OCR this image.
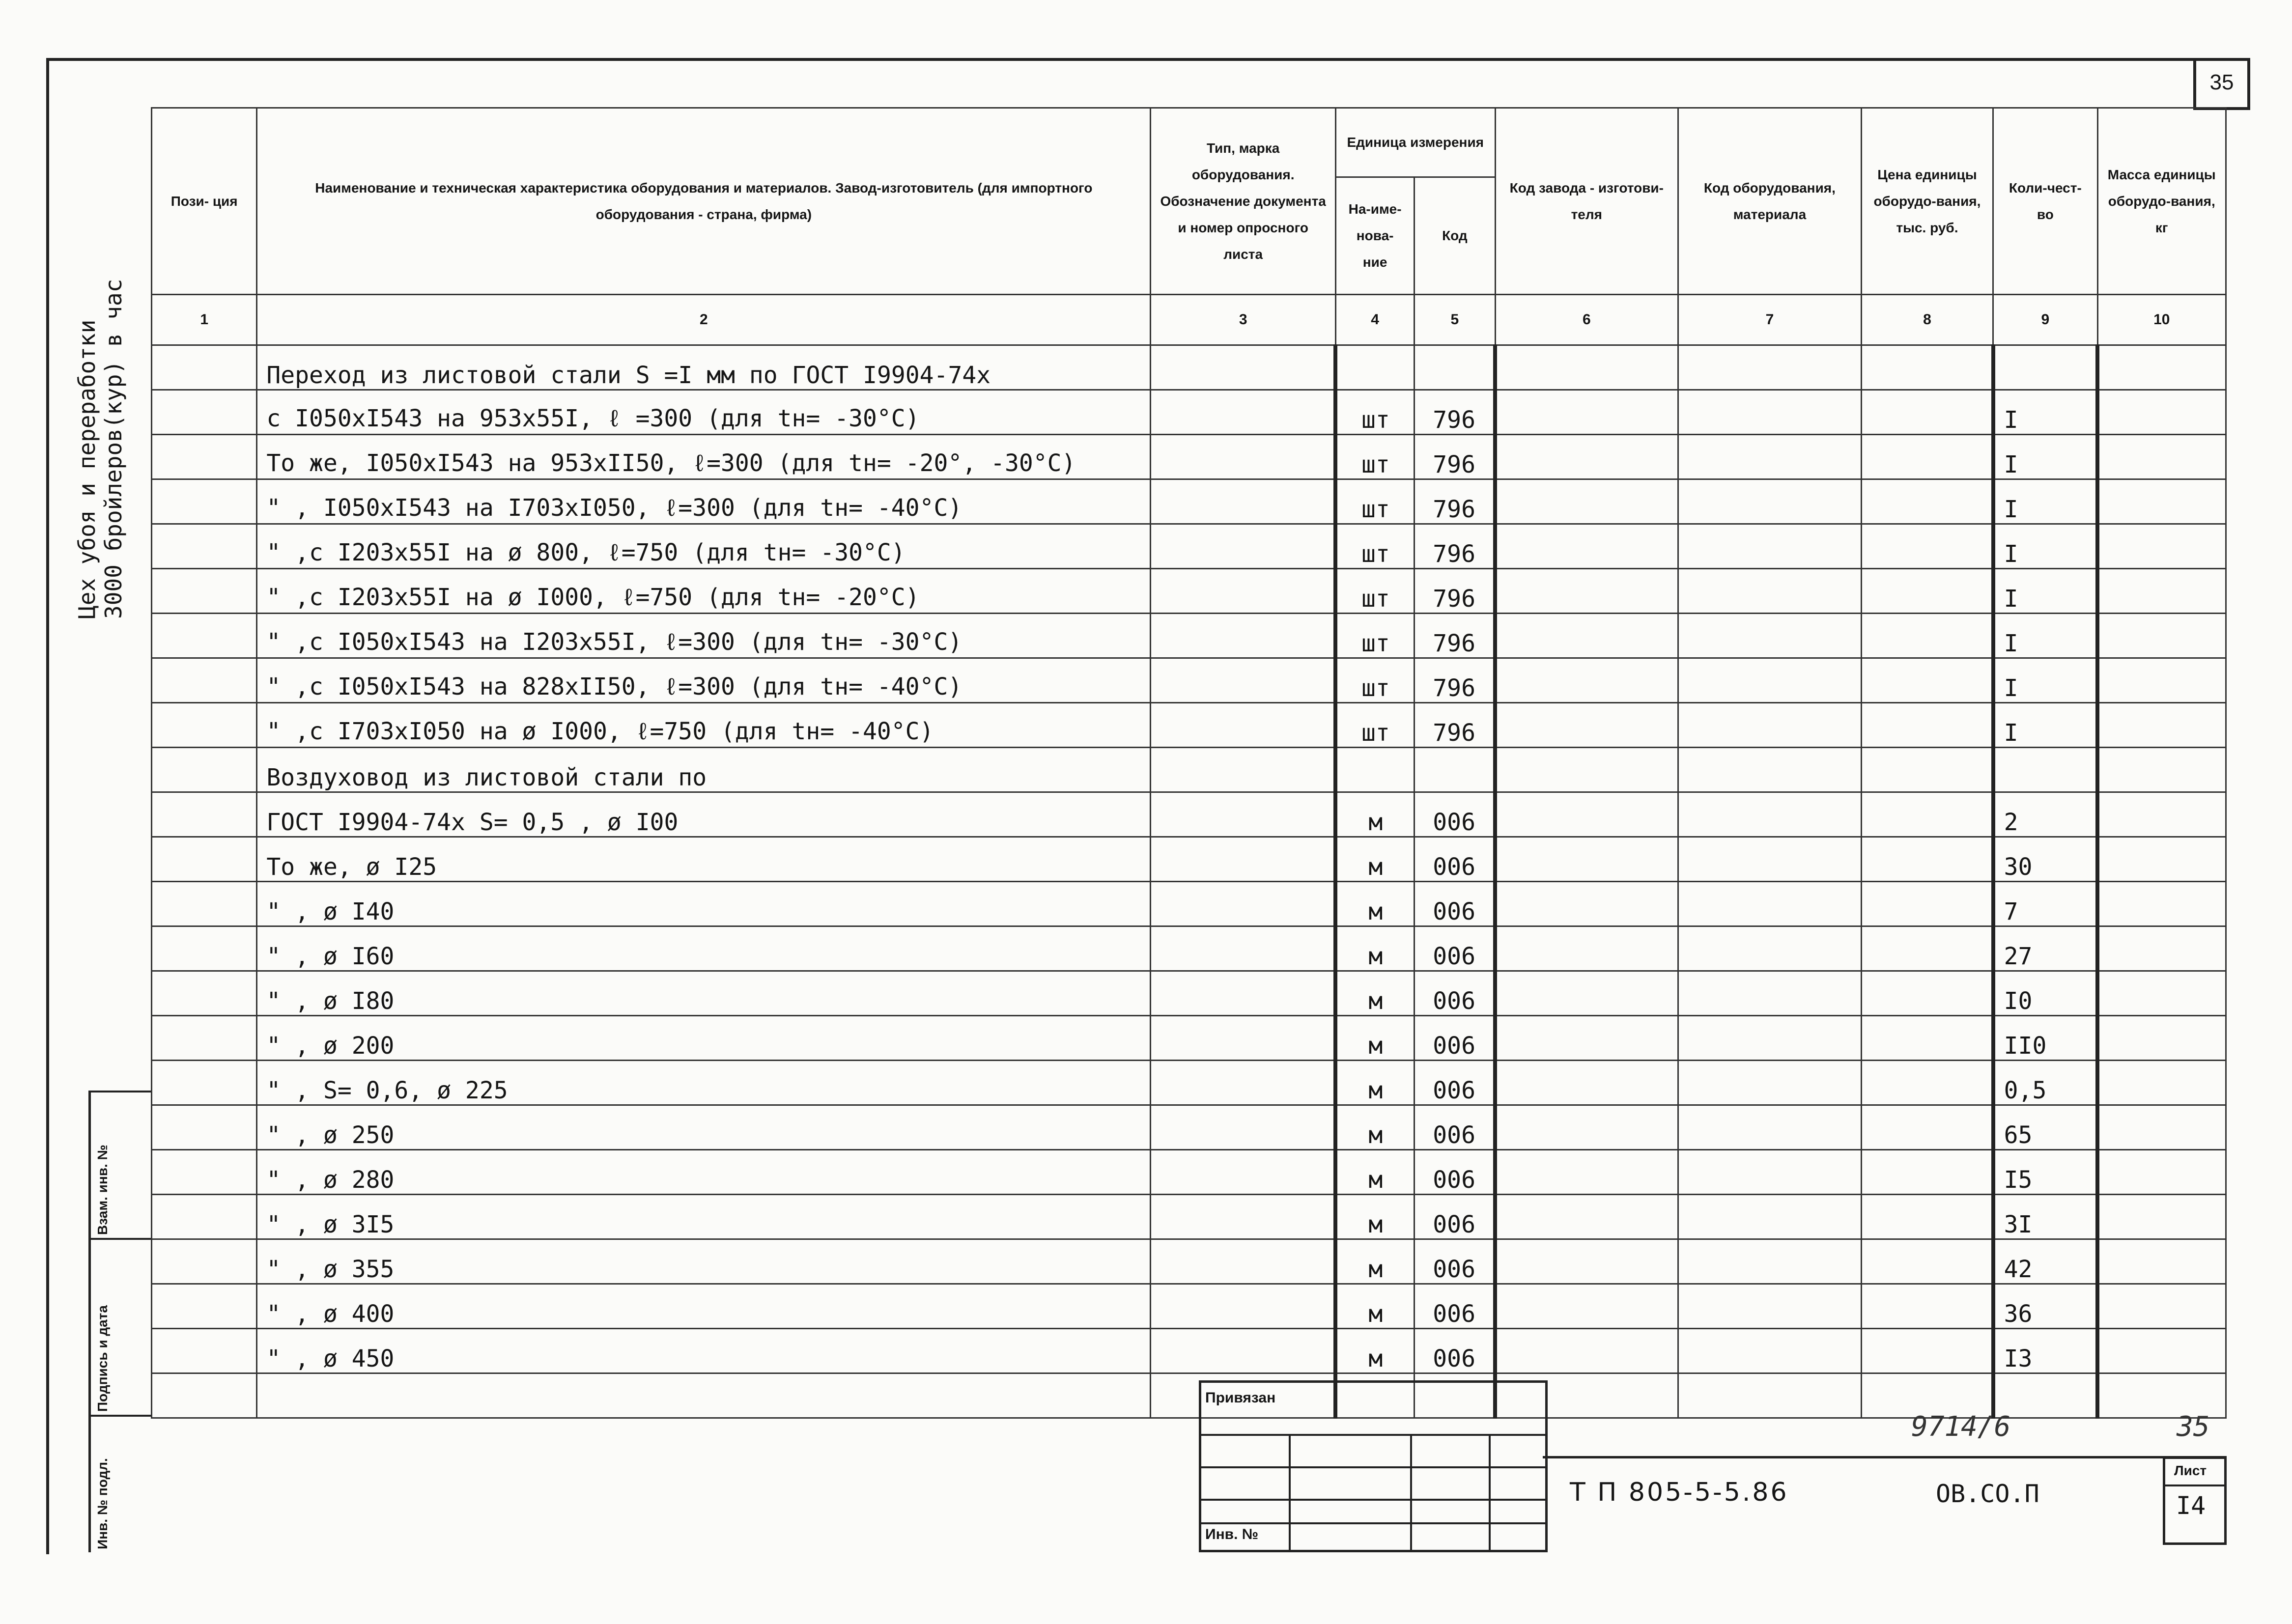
35
Цех убоя и переработки 3000 бройлеров(кур) в час
Взам. инв. №
Подпись и дата
Инв. № подл.
Пози- ция	Наименование и техническая характеристика оборудования и материалов. Завод-изготовитель (для импортного оборудования - страна, фирма)	Тип, марка оборудования. Обозначение документа и номер опросного листа	Единица измерения		Код завода - изготови-теля	Код оборудования, материала	Цена единицы оборудо-вания, тыс. руб.	Коли-чест-во	Масса единицы оборудо-вания, кг
			На-име-нова-ние	Код					
1	2	3	4	5	6	7	8	9	10
	Переход из листовой стали S =I мм по ГОСТ I9904-74x								
	с I050xI543 на 953x55I, ℓ =300 (для tн= -30°С)		шт	796				I	
	То же, I050xI543 на 953xII50, ℓ=300 (для tн= -20°, -30°С)		шт	796				I	
	" , I050xI543 на I703xI050, ℓ=300 (для tн= -40°С)		шт	796				I	
	" ,с I203x55I на ø 800, ℓ=750 (для tн= -30°С)		шт	796				I	
	" ,с I203x55I на ø I000, ℓ=750 (для tн= -20°С)		шт	796				I	
	" ,с I050xI543 на I203x55I, ℓ=300 (для tн= -30°С)		шт	796				I	
	" ,с I050xI543 на 828xII50, ℓ=300 (для tн= -40°С)		шт	796				I	
	" ,с I703xI050 на ø I000, ℓ=750 (для tн= -40°С)		шт	796				I	
	Воздуховод из листовой стали по								
	ГОСТ I9904-74x S= 0,5 , ø I00		м	006				2	
	То же, ø I25		м	006				30	
	" , ø I40		м	006				7	
	" , ø I60		м	006				27	
	" , ø I80		м	006				I0	
	" , ø 200		м	006				II0	
	" , S= 0,6, ø 225		м	006				0,5	
	" , ø 250		м	006				65	
	" , ø 280		м	006				I5	
	" , ø 3I5		м	006				3I	
	" , ø 355		м	006				42	
	" , ø 400		м	006				36	
	" , ø 450		м	006				I3	

Привязан
Инв. №
9714/6	35
Т П 805-5-5.86	ОВ.СО.П
Лист
I4
